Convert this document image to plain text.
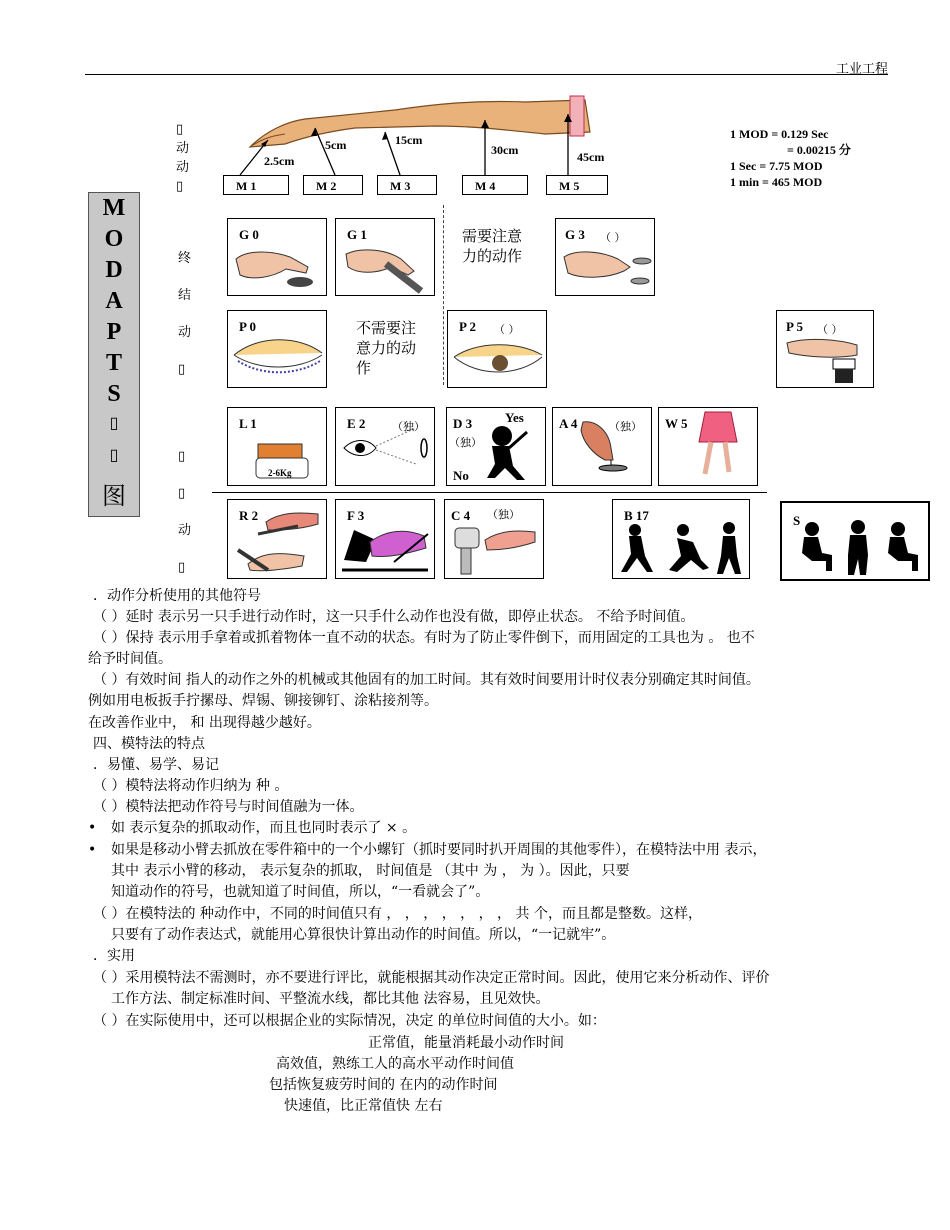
工业工程
M
O
D
A
P
T
S
▯
▯
图
▯
动
动
▯
终
结
动
▯
▯
▯
动
▯
2.5cm
5cm	15cm
30cm	45cm
M 1	M 2	M 3	M 4	M 5
1 MOD = 0.129 Sec
= 0.00215 分
1 Sec = 7.75 MOD
1 min = 465 MOD
G 0	G 1	需要注意力的动作
G 3 （ ）
P 0	不需要注意力的动作
P 2 （ ）	P 5 （ ）
L 1
2-6Kg
E 2 （独） D 3
（独）
Yes
No
A 4	（独） W 5
R 2	F 3	C 4 （独）	B 17	S
．动作分析使用的其他符号
（ ）延时 表示另一只手进行动作时，这一只手什么动作也没有做，即停止状态。 不给予时间值。
（ ）保持 表示用手拿着或抓着物体一直不动的状态。有时为了防止零件倒下，而用固定的工具也为 。 也不
给予时间值。
（ ）有效时间 指人的动作之外的机械或其他固有的加工时间。其有效时间要用计时仪表分别确定其时间值。
例如用电板扳手拧摞母、焊锡、铆接铆钉、涂粘接剂等。
在改善作业中， 和 出现得越少越好。
四、模特法的特点
．易懂、易学、易记
（ ）模特法将动作归纳为 种 。
（ ）模特法把动作符号与时间值融为一体。
• 如 表示复杂的抓取动作，而且也同时表示了 × 。
• 如果是移动小臂去抓放在零件箱中的一个小螺钉（抓时要同时扒开周围的其他零件），在模特法中用 表示，
其中 表示小臂的移动， 表示复杂的抓取， 时间值是 （其中 为 ， 为 ）。因此，只要
知道动作的符号，也就知道了时间值，所以，“一看就会了”。
（ ）在模特法的 种动作中，不同的时间值只有 ， ， ， ， ， ， ， 共 个，而且都是整数。这样，
只要有了动作表达式，就能用心算很快计算出动作的时间值。所以，“一记就牢”。
．实用
（ ）采用模特法不需测时，亦不要进行评比，就能根据其动作决定正常时间。因此，使用它来分析动作、评价
工作方法、制定标准时间、平整流水线，都比其他 法容易，且见效快。
（ ）在实际使用中，还可以根据企业的实际情况，决定 的单位时间值的大小。如：
正常值，能量消耗最小动作时间
高效值，熟练工人的高水平动作时间值
包括恢复疲劳时间的 在内的动作时间
快速值，比正常值快 左右
